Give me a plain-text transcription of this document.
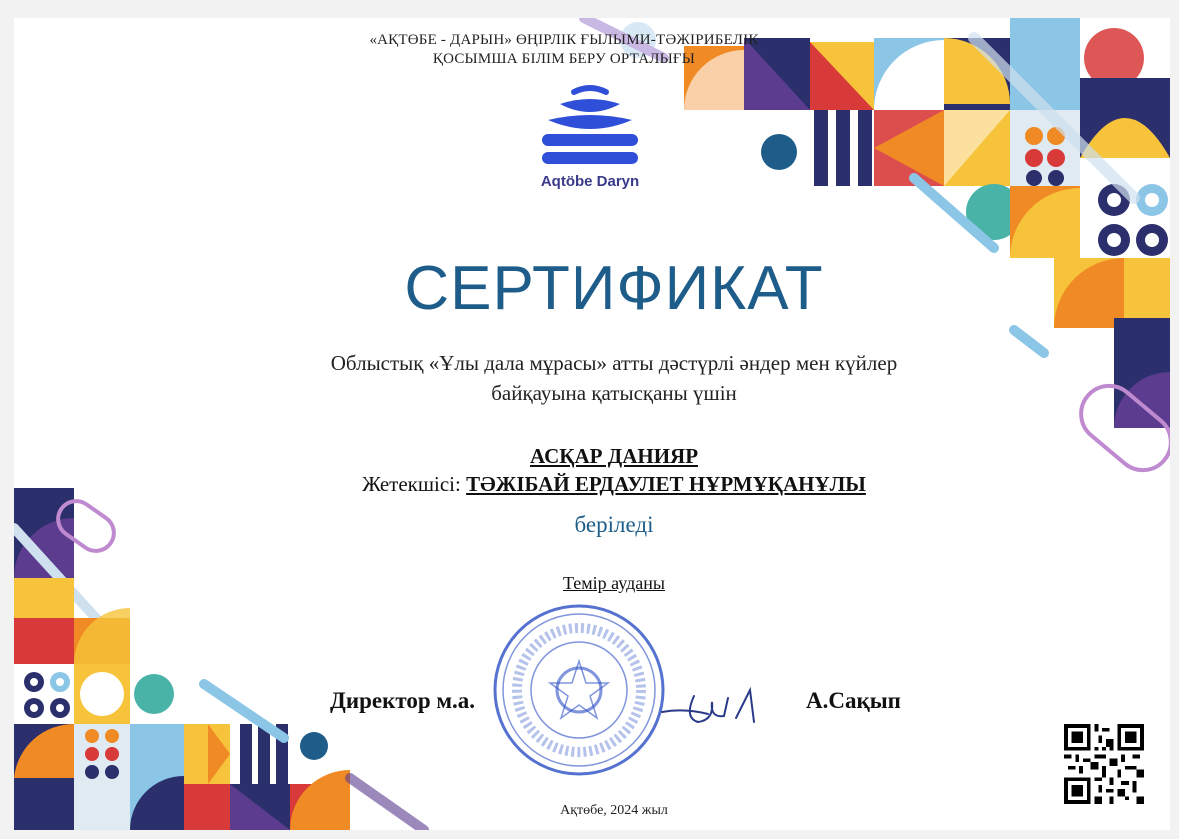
«АҚТӨБЕ - ДАРЫН» ӨҢІРЛІК ҒЫЛЫМИ-ТӘЖІРИБЕЛІК
ҚОСЫМША БІЛІМ БЕРУ ОРТАЛЫҒЫ
Aqtöbe Daryn
СЕРТИФИКАТ
Облыстық «Ұлы дала мұрасы» атты дәстүрлі әндер мен күйлер
байқауына қатысқаны үшін
АСҚАР ДАНИЯР
Жетекшісі: ТӘЖІБАЙ ЕРДАУЛЕТ НҰРМҰҚАНҰЛЫ
беріледі
Темір ауданы
Директор м.а.	А.Сақып
Ақтөбе, 2024 жыл
